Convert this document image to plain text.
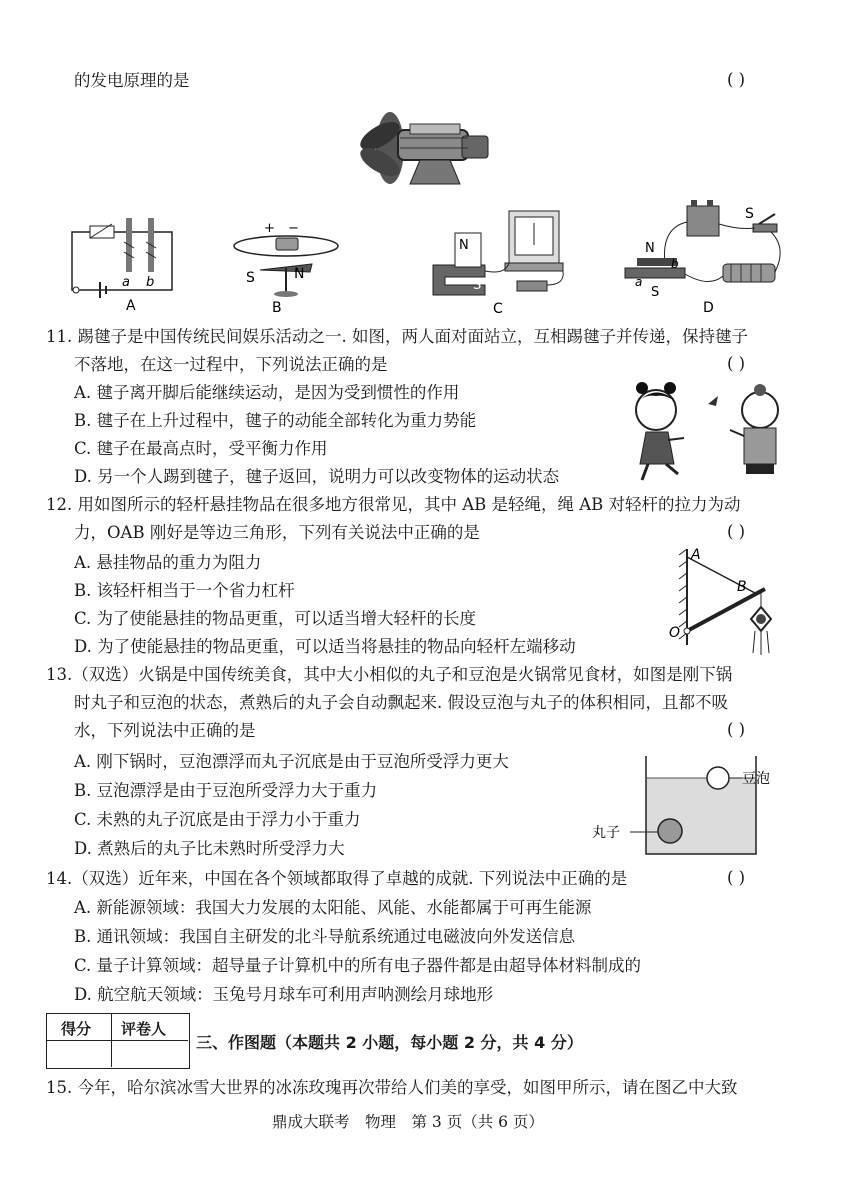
的发电原理的是	( )
a b
A
+ −
S	N
B
N
S
C
S
N
b
a
S
D
11. 踢毽子是中国传统民间娱乐活动之一. 如图，两人面对面站立，互相踢毽子并传递，保持毽子
不落地，在这一过程中，下列说法正确的是	( )
A. 毽子离开脚后能继续运动，是因为受到惯性的作用
B. 毽子在上升过程中，毽子的动能全部转化为重力势能
C. 毽子在最高点时，受平衡力作用
D. 另一个人踢到毽子，毽子返回，说明力可以改变物体的运动状态
12. 用如图所示的轻杆悬挂物品在很多地方很常见，其中 AB 是轻绳，绳 AB 对轻杆的拉力为动
力，OAB 刚好是等边三角形，下列有关说法中正确的是	( )
A. 悬挂物品的重力为阻力
B. 该轻杆相当于一个省力杠杆
C. 为了使能悬挂的物品更重，可以适当增大轻杆的长度
D. 为了使能悬挂的物品更重，可以适当将悬挂的物品向轻杆左端移动
A
B
O
13.（双选）火锅是中国传统美食，其中大小相似的丸子和豆泡是火锅常见食材，如图是刚下锅
时丸子和豆泡的状态，煮熟后的丸子会自动飘起来. 假设豆泡与丸子的体积相同，且都不吸
水，下列说法中正确的是	( )
A. 刚下锅时，豆泡漂浮而丸子沉底是由于豆泡所受浮力更大
B. 豆泡漂浮是由于豆泡所受浮力大于重力
C. 未熟的丸子沉底是由于浮力小于重力
D. 煮熟后的丸子比未熟时所受浮力大
豆泡
丸子
14.（双选）近年来，中国在各个领域都取得了卓越的成就. 下列说法中正确的是	( )
A. 新能源领域：我国大力发展的太阳能、风能、水能都属于可再生能源
B. 通讯领域：我国自主研发的北斗导航系统通过电磁波向外发送信息
C. 量子计算领域：超导量子计算机中的所有电子器件都是由超导体材料制成的
D. 航空航天领域：玉兔号月球车可利用声呐测绘月球地形
得分 评卷人
三、作图题（本题共 2 小题，每小题 2 分，共 4 分）
15. 今年，哈尔滨冰雪大世界的冰冻玫瑰再次带给人们美的享受，如图甲所示，请在图乙中大致
鼎成大联考　物理　第 3 页（共 6 页）
